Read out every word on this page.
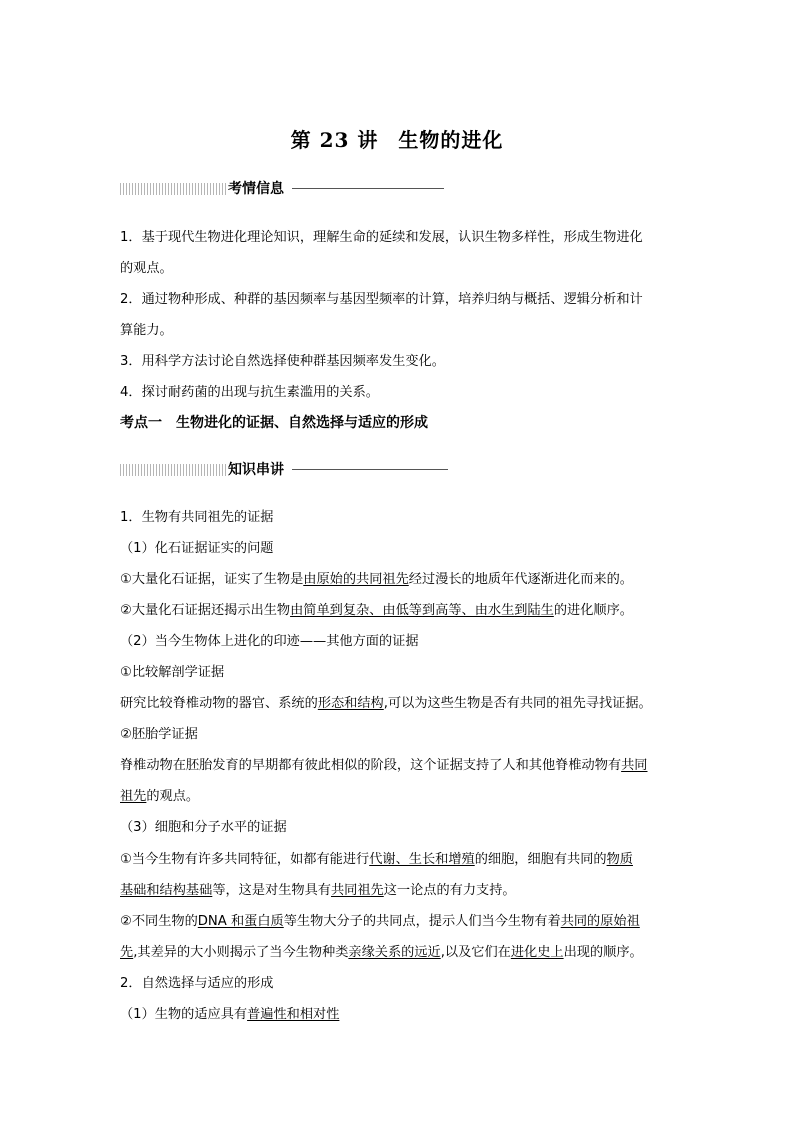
第 23 讲 生物的进化
考情信息
1．基于现代生物进化理论知识，理解生命的延续和发展，认识生物多样性，形成生物进化
的观点。
2．通过物种形成、种群的基因频率与基因型频率的计算，培养归纳与概括、逻辑分析和计
算能力。
3．用科学方法讨论自然选择使种群基因频率发生变化。
4．探讨耐药菌的出现与抗生素滥用的关系。
考点一　生物进化的证据、自然选择与适应的形成
知识串讲
1．生物有共同祖先的证据
（1）化石证据证实的问题
①大量化石证据，证实了生物是由原始的共同祖先经过漫长的地质年代逐渐进化而来的。
②大量化石证据还揭示出生物由简单到复杂、由低等到高等、由水生到陆生的进化顺序。
（2）当今生物体上进化的印迹——其他方面的证据
①比较解剖学证据
研究比较脊椎动物的器官、系统的形态和结构,可以为这些生物是否有共同的祖先寻找证据。
②胚胎学证据
脊椎动物在胚胎发育的早期都有彼此相似的阶段，这个证据支持了人和其他脊椎动物有共同
祖先的观点。
（3）细胞和分子水平的证据
①当今生物有许多共同特征，如都有能进行代谢、生长和增殖的细胞，细胞有共同的物质
基础和结构基础等，这是对生物具有共同祖先这一论点的有力支持。
②不同生物的DNA 和蛋白质等生物大分子的共同点，提示人们当今生物有着共同的原始祖
先,其差异的大小则揭示了当今生物种类亲缘关系的远近,以及它们在进化史上出现的顺序。
2．自然选择与适应的形成
（1）生物的适应具有普遍性和相对性
